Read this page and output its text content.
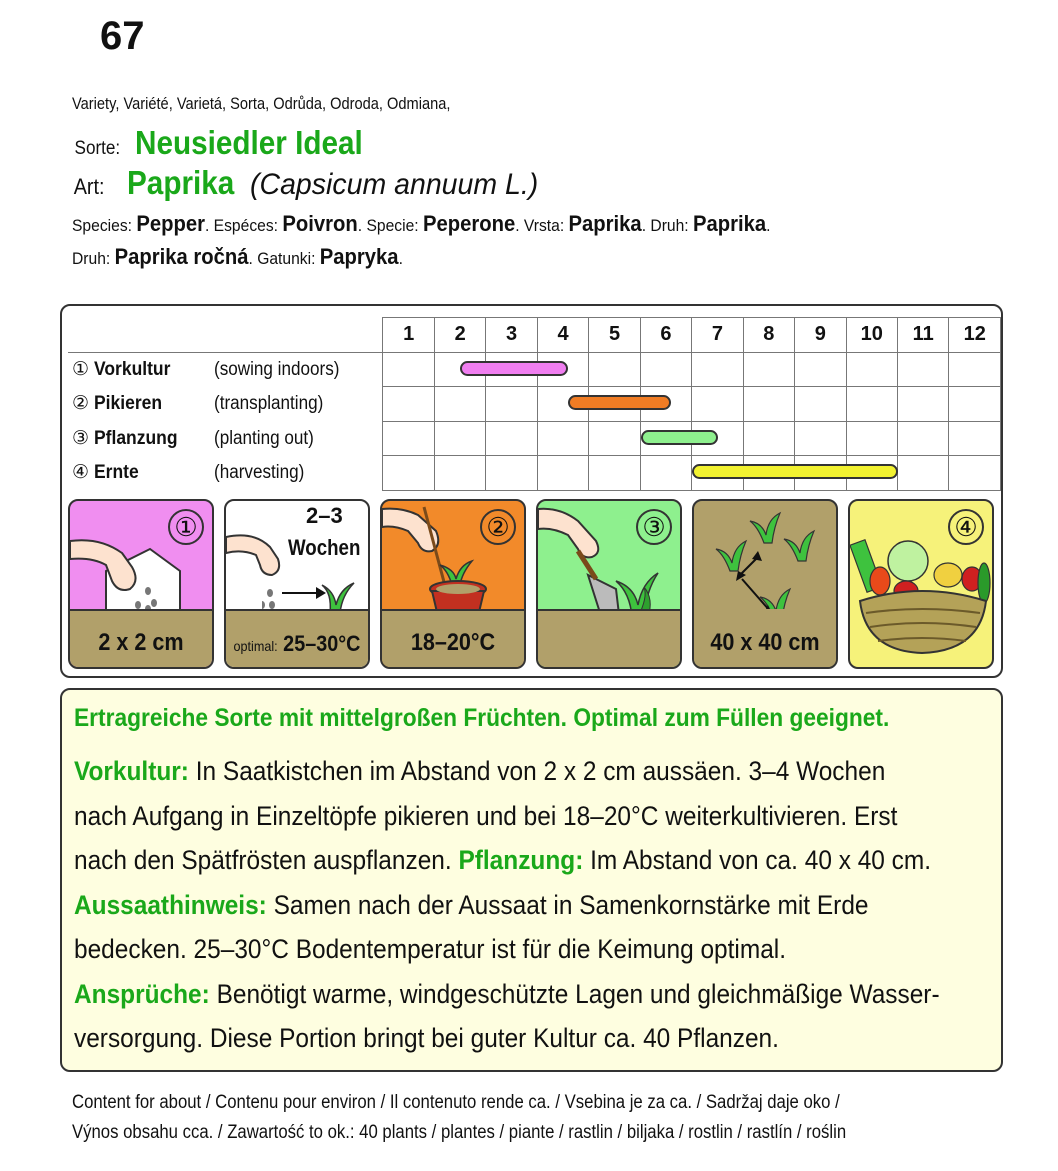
67
Variety, Variété, Varietá, Sorta, Odrůda, Odroda, Odmiana,
Sorte: Neusiedler Ideal
Art: Paprika (Capsicum annuum L.)
Species: Pepper. Espéces: Poivron. Specie: Peperone. Vrsta: Paprika. Druh: Paprika.
Druh: Paprika ročná. Gatunki: Papryka.
	1	2	3	4	5	6	7	8	9	10	11	12
① Vorkultur (sowing indoors)												
② Pikieren (transplanting)												
③ Pflanzung (planting out)												
④ Ernte (harvesting)												
①
2 x 2 cm
2–3
Wochen
optimal: 25–30°C
②
18–20°C
③
40 x 40 cm
④
Ertragreiche Sorte mit mittelgroßen Früchten. Optimal zum Füllen geeignet.
Vorkultur: In Saatkistchen im Abstand von 2 x 2 cm aussäen. 3–4 Wochen
nach Aufgang in Einzeltöpfe pikieren und bei 18–20°C weiterkultivieren. Erst
nach den Spätfrösten auspflanzen. Pflanzung: Im Abstand von ca. 40 x 40 cm.
Aussaathinweis: Samen nach der Aussaat in Samenkornstärke mit Erde
bedecken. 25–30°C Bodentemperatur ist für die Keimung optimal.
Ansprüche: Benötigt warme, windgeschützte Lagen und gleichmäßige Wasser-
versorgung. Diese Portion bringt bei guter Kultur ca. 40 Pflanzen.
Content for about / Contenu pour environ / Il contenuto rende ca. / Vsebina je za ca. / Sadržaj daje oko /
Výnos obsahu cca. / Zawartość to ok.: 40 plants / plantes / piante / rastlin / biljaka / rostlin / rastlín / roślin
